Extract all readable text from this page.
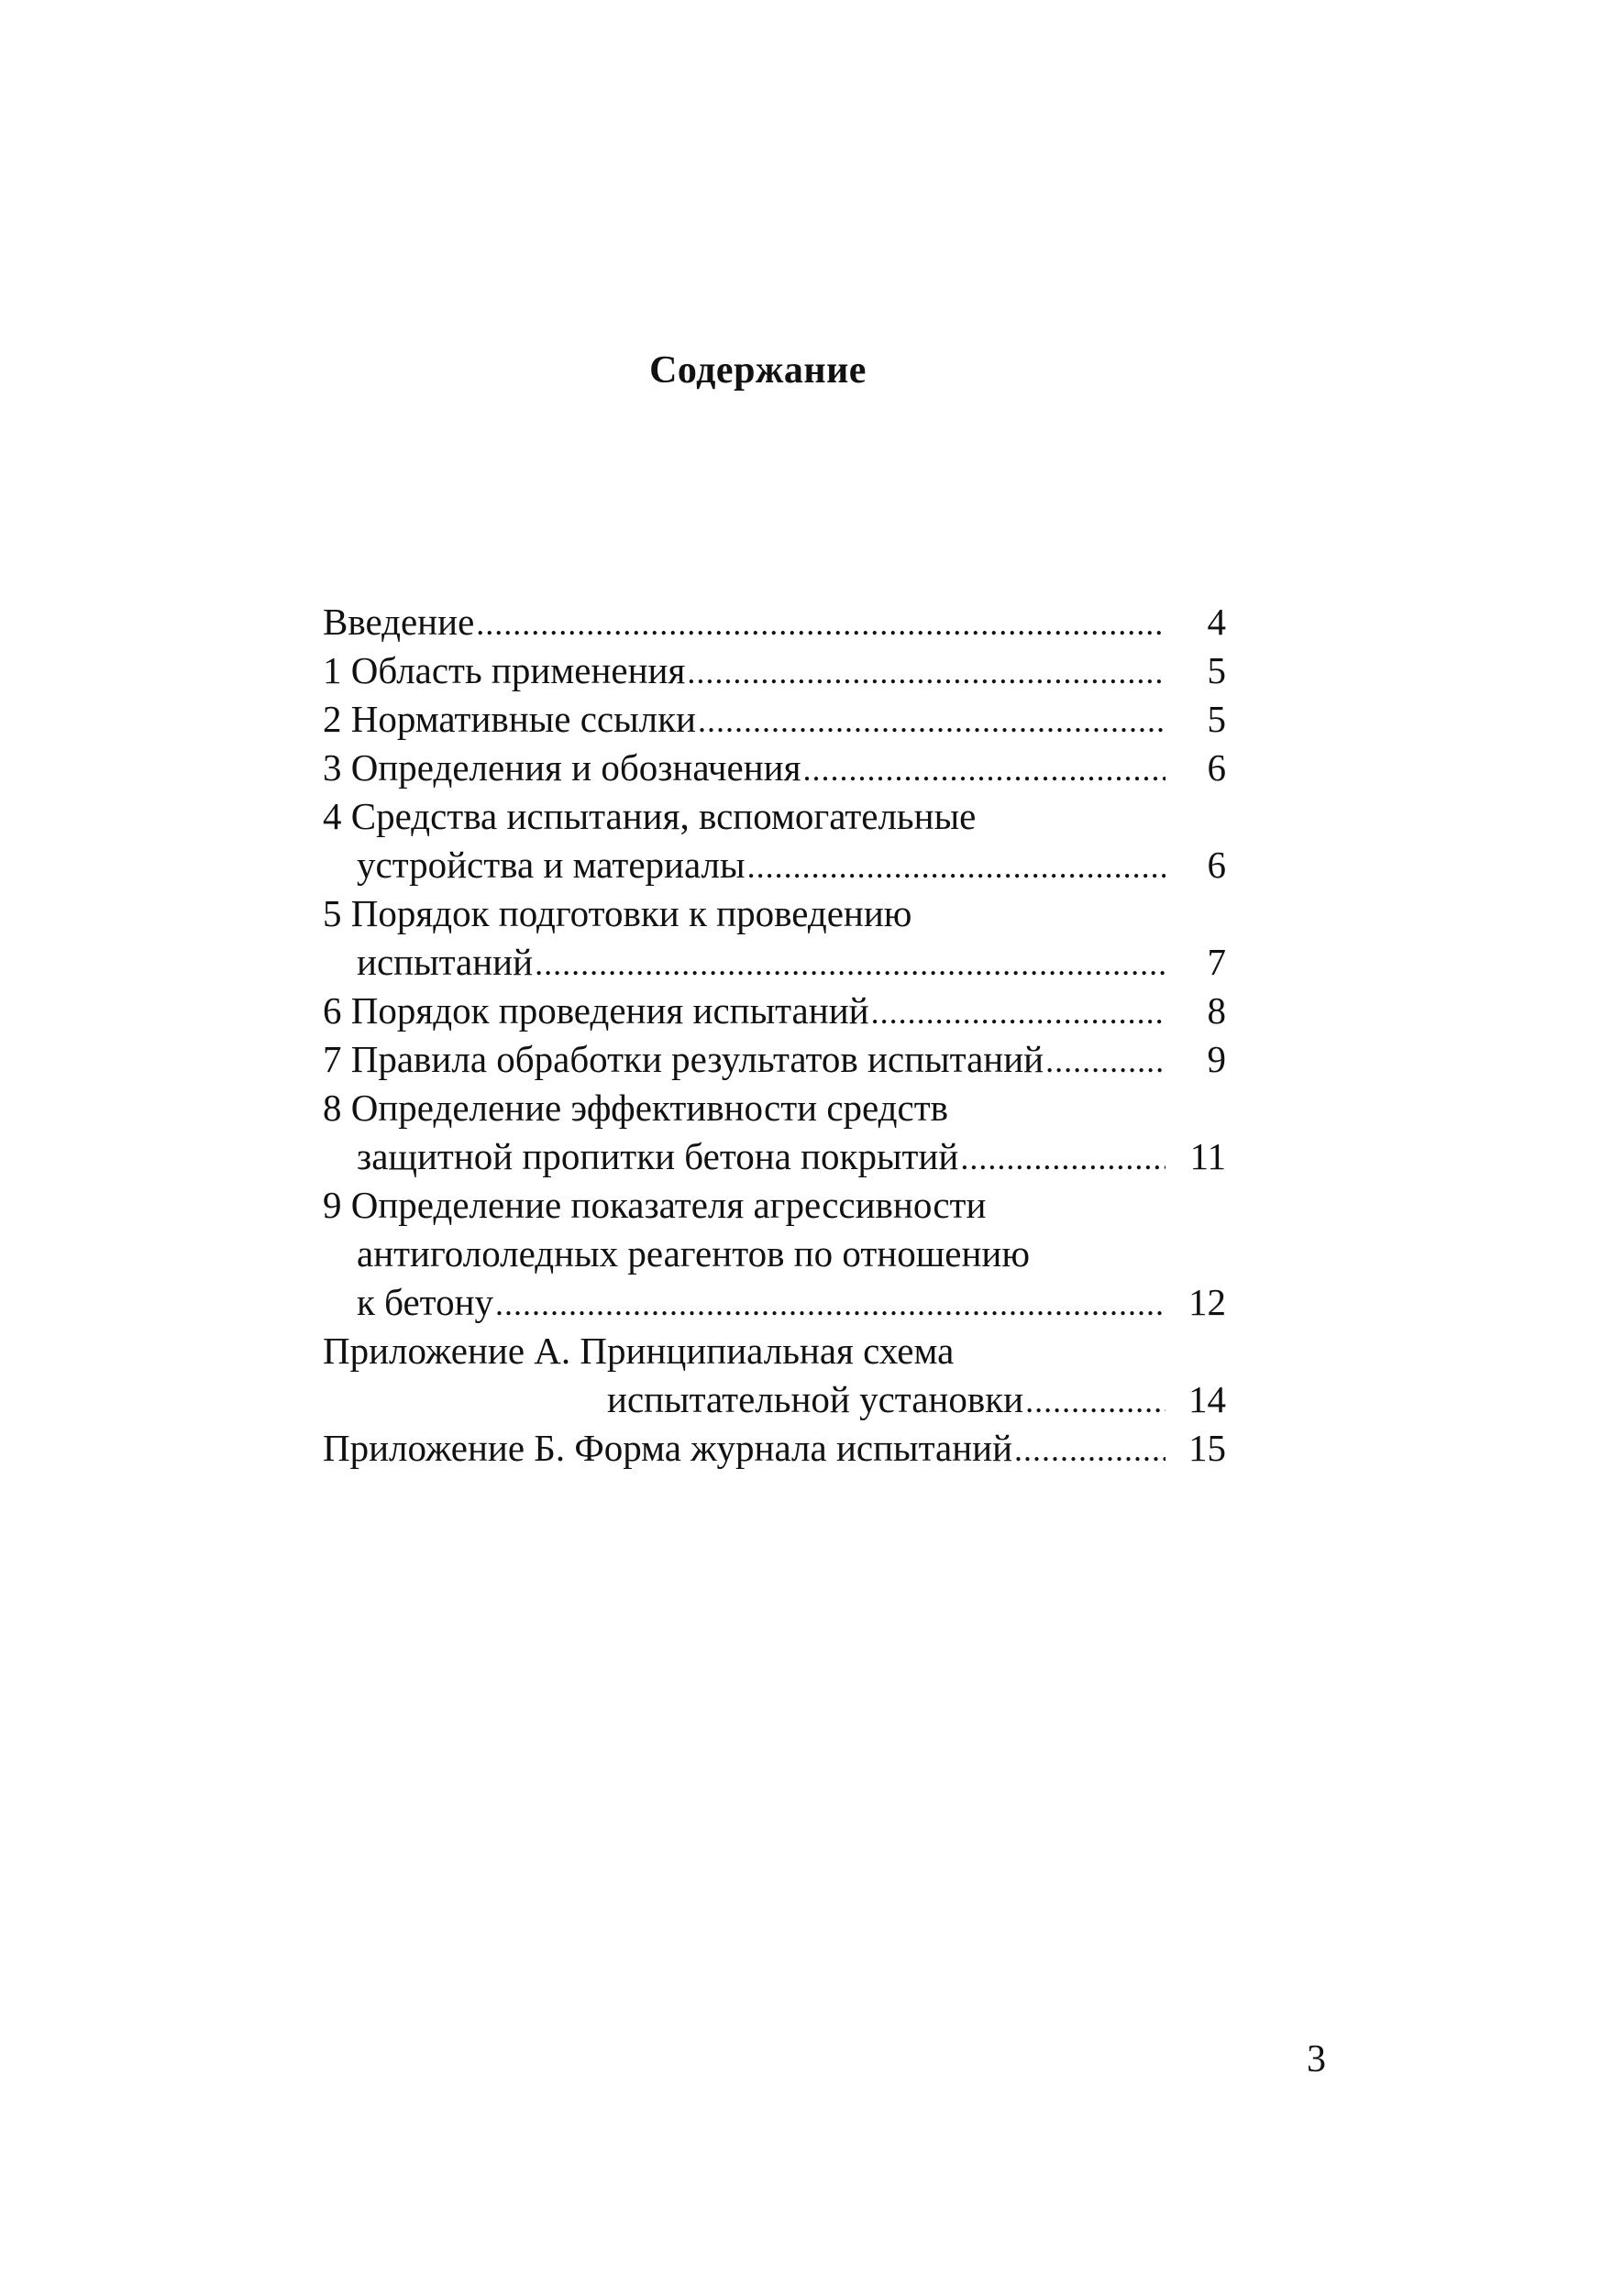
Содержание
Введение .....	4
1 Область применения .....	5
2 Нормативные ссылки .....	5
3 Определения и обозначения .....	6
4 Средства испытания, вспомогательные
устройства и материалы .....	6
5 Порядок подготовки к проведению
испытаний .....	7
6 Порядок проведения испытаний .....	8
7 Правила обработки результатов испытаний .....	9
8 Определение эффективности средств
защитной пропитки бетона покрытий .....	11
9 Определение показателя агрессивности
антигололедных реагентов по отношению
к бетону .....	12
Приложение А. Принципиальная схема
испытательной установки .....	14
Приложение Б. Форма журнала испытаний .....	15
3
